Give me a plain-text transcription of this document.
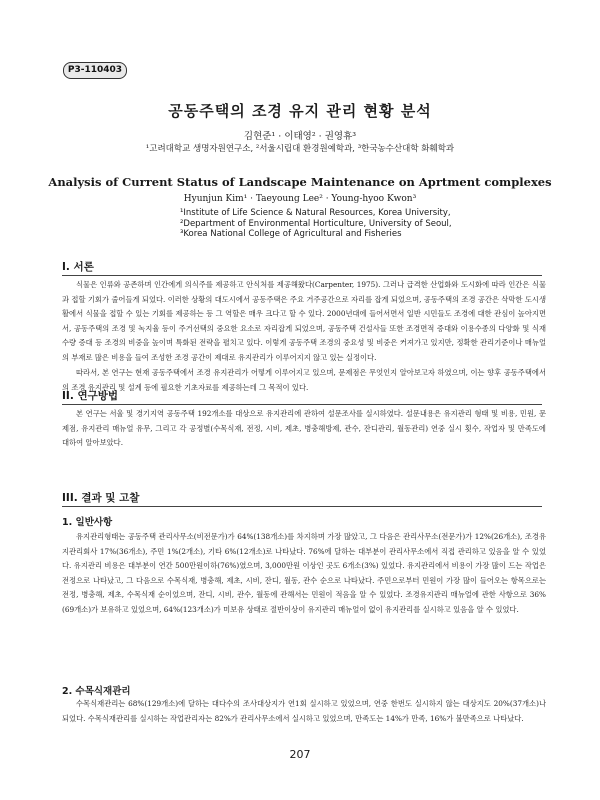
P3-110403
공동주택의 조경 유지 관리 현황 분석
김현준¹ · 이태영² · 권영휴³
¹고려대학교 생명자원연구소, ²서울시립대 환경원예학과, ³한국농수산대학 화훼학과
Analysis of Current Status of Landscape Maintenance on Aprtment complexes
Hyunjun Kim¹ · Taeyoung Lee² · Young-hyoo Kwon³
¹Institute of Life Science & Natural Resources, Korea University,
²Department of Environmental Horticulture, University of Seoul,
³Korea National College of Agricultural and Fisheries
I. 서론

식물은 인류와 공존하며 인간에게 의식주를 제공하고 안식처를 제공해왔다(Carpenter, 1975). 그러나 급격한 산업화와 도시화에 따라 인간은 식물과 접할 기회가 줄어들게 되었다. 이러한 상황의 대도시에서 공동주택은 주요 거주공간으로 자리를 잡게 되었으며, 공동주택의 조경 공간은 삭막한 도시생활에서 식물을 접할 수 있는 기회를 제공하는 등 그 역할은 매우 크다고 할 수 있다. 2000년대에 들어서면서 일반 시민들도 조경에 대한 관심이 높아지면서, 공동주택의 조경 및 녹지율 등이 주거선택의 중요한 요소로 자리잡게 되었으며, 공동주택 건설사들 또한 조경면적 증대와 이용수종의 다양화 및 식재수량 증대 등 조경의 비중을 높이며 특화된 전략을 펼치고 있다. 이렇게 공동주택 조경의 중요성 및 비중은 커져가고 있지만, 정확한 관리기준이나 매뉴얼의 부재로 많은 비용을 들여 조성한 조경 공간이 제대로 유지관리가 이루어지지 않고 있는 실정이다.

따라서, 본 연구는 현재 공동주택에서 조경 유지관리가 어떻게 이루어지고 있으며, 문제점은 무엇인지 알아보고자 하였으며, 이는 향후 공동주택에서의 조경 유지관리 및 설계 등에 필요한 기초자료를 제공하는데 그 목적이 있다.

II. 연구방법

본 연구는 서울 및 경기지역 공동주택 192개소를 대상으로 유지관리에 관하여 설문조사를 실시하였다. 설문내용은 유지관리 형태 및 비용, 민원, 문제점, 유지관리 매뉴얼 유무, 그리고 각 공정별(수목식재, 전정, 시비, 제초, 병충해방제, 관수, 잔디관리, 월동관리) 연중 실시 횟수, 작업자 및 만족도에 대하여 알아보았다.

III. 결과 및 고찰
1. 일반사항

유지관리형태는 공동주택 관리사무소(비전문가)가 64%(138개소)를 차지하며 가장 많았고, 그 다음은 관리사무소(전문가)가 12%(26개소), 조경유지관리회사 17%(36개소), 주민 1%(2개소), 기타 6%(12개소)로 나타났다. 76%에 달하는 대부분이 관리사무소에서 직접 관리하고 있음을 알 수 있었다. 유지관리 비용은 대부분이 연간 500만원이하(76%)였으며, 3,000만원 이상인 곳도 6개소(3%) 있었다. 유지관리에서 비용이 가장 많이 드는 작업은 전정으로 나타났고, 그 다음으로 수목식재, 병충해, 제초, 시비, 잔디, 월동, 관수 순으로 나타났다. 주민으로부터 민원이 가장 많이 들어오는 항목으로는 전정, 병충해, 제초, 수목식재 순이었으며, 잔디, 시비, 관수, 월동에 관해서는 민원이 적음을 알 수 있었다. 조경유지관리 매뉴얼에 관한 사항으로 36%(69개소)가 보유하고 있었으며, 64%(123개소)가 미보유 상태로 절반이상이 유지관리 매뉴얼이 없이 유지관리를 실시하고 있음을 알 수 있었다.

2. 수목식재관리

수목식재관리는 68%(129개소)에 달하는 대다수의 조사대상지가 연1회 실시하고 있었으며, 연중 한번도 실시하지 않는 대상지도 20%(37개소)나 되었다. 수목식재관리를 실시하는 작업관리자는 82%가 관리사무소에서 실시하고 있었으며, 만족도는 14%가 만족, 16%가 불만족으로 나타났다.

207
